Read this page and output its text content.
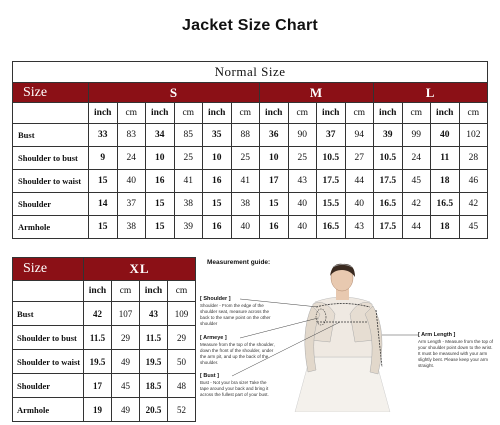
Jacket Size Chart
Normal Size														
Size	S						M				L			
	inch	cm	inch	cm	inch	cm	inch	cm	inch	cm	inch	cm	inch	cm
Bust	33	83	34	85	35	88	36	90	37	94	39	99	40	102
Shoulder to bust	9	24	10	25	10	25	10	25	10.5	27	10.5	24	11	28
Shoulder to waist	15	40	16	41	16	41	17	43	17.5	44	17.5	45	18	46
Shoulder	14	37	15	38	15	38	15	40	15.5	40	16.5	42	16.5	42
Armhole	15	38	15	39	16	40	16	40	16.5	43	17.5	44	18	45
Size	XL			
	inch	cm	inch	cm
Bust	42	107	43	109
Shoulder to bust	11.5	29	11.5	29
Shoulder to waist	19.5	49	19.5	50
Shoulder	17	45	18.5	48
Armhole	19	49	20.5	52
Measurement guide:
[ Shoulder ]
Shoulder - From the edge of the shoulder seat, measure across the back to the same point on the other shoulder
[ Armeye ]
Measure from the top of the shoulder, down the front of the shoulder, under the arm pit, and up the back of the shoulder.
[ Bust ]
Bust - Not your bra size! Take the tape around your back and bring it across the fullest part of your bust.
[ Arm Length ]
Arm Length - Measure from the top of your shoulder point down to the wrist. It must be measured with your arm slightly bent. Please keep your arm straight.
